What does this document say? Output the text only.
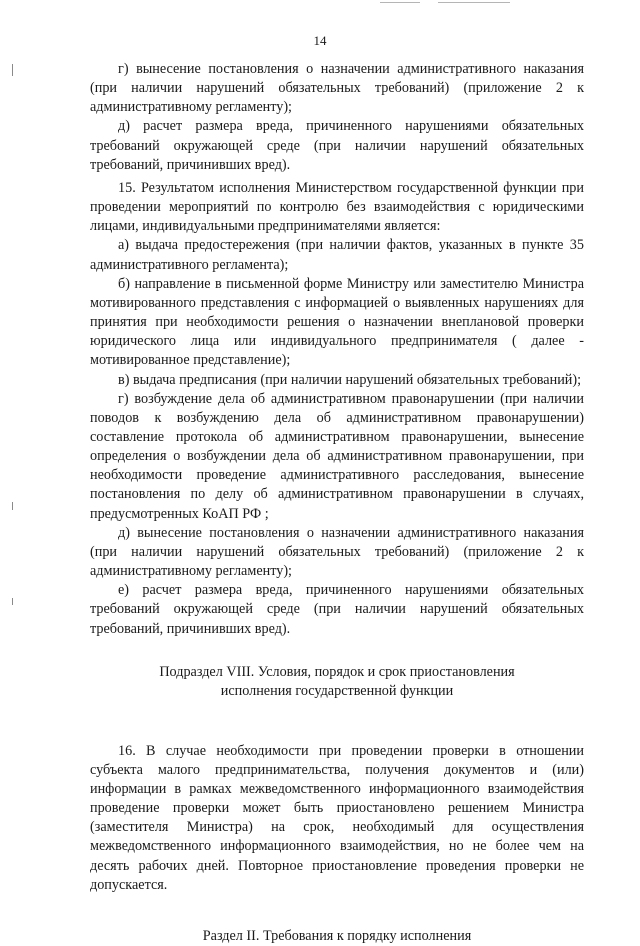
14

г) вынесение постановления о назначении административного наказания (при наличии нарушений обязательных требований) (приложение 2 к административному регламенту);

д) расчет размера вреда, причиненного нарушениями обязательных требований окружающей среде (при наличии нарушений обязательных требований, причинивших вред).

15. Результатом исполнения Министерством государственной функции при проведении мероприятий по контролю без взаимодействия с юридическими лицами, индивидуальными предпринимателями является:

а) выдача предостережения (при наличии фактов, указанных в пункте 35 административного регламента);

б) направление в письменной форме Министру или заместителю Министра мотивированного представления с информацией о выявленных нарушениях для принятия при необходимости решения о назначении внеплановой проверки юридического лица или индивидуального предпринимателя ( далее - мотивированное представление);

в) выдача предписания (при наличии нарушений обязательных требований);

г) возбуждение дела об административном правонарушении (при наличии поводов к возбуждению дела об административном правонарушении) составление протокола об административном правонарушении, вынесение определения о возбуждении дела об административном правонарушении, при необходимости проведение административного расследования, вынесение постановления по делу об административном правонарушении в случаях, предусмотренных КоАП РФ ;

д) вынесение постановления о назначении административного наказания (при наличии нарушений обязательных требований) (приложение 2 к административному регламенту);

е) расчет размера вреда, причиненного нарушениями обязательных требований окружающей среде (при наличии нарушений обязательных требований, причинивших вред).

Подраздел VIII. Условия, порядок и срок приостановления
исполнения государственной функции

16. В случае необходимости при проведении проверки в отношении субъекта малого предпринимательства, получения документов и (или) информации в рамках межведомственного информационного взаимодействия проведение проверки может быть приостановлено решением Министра (заместителя Министра) на срок, необходимый для осуществления межведомственного информационного взаимодействия, но не более чем на десять рабочих дней. Повторное приостановление проведения проверки не допускается.

Раздел II. Требования к порядку исполнения
